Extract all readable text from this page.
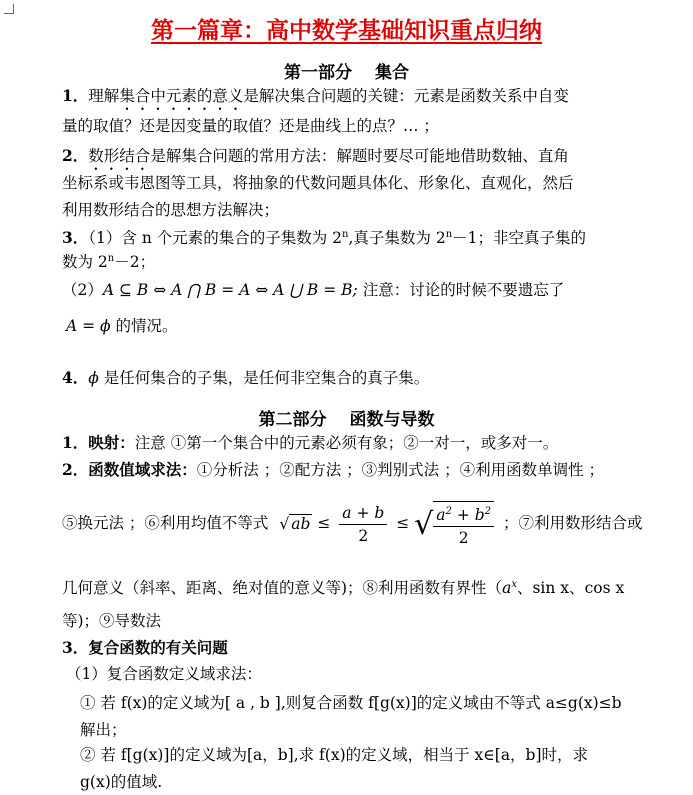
第一篇章：高中数学基础知识重点归纳
第一部分　 集合
1．理解集合中元素的意义是解决集合问题的关键：元素是函数关系中自变
量的取值？还是因变量的取值？还是曲线上的点？… ；
2．数形结合是解集合问题的常用方法：解题时要尽可能地借助数轴、直角
坐标系或韦恩图等工具，将抽象的代数问题具体化、形象化、直观化，然后
利用数形结合的思想方法解决；
3．（1）含 n 个元素的集合的子集数为 2$^n$,真子集数为 $2^n-1$；非空真子集的
数为 $2^n-2$；
（2）A ⊆ B ⇔ A ⋂ B = A ⇔ A ⋃ B = B; 注意：讨论的时候不要遗忘了
A = ϕ 的情况。
4．ϕ 是任何集合的子集，是任何非空集合的真子集。
第二部分　 函数与导数
1．映射：注意 ①第一个集合中的元素必须有象；②一对一，或多对一。
2．函数值域求法：①分析法 ；②配方法 ；③判别式法 ；④利用函数单调性 ；
⑤换元法 ；⑥利用均值不等式 √ ab ≤ $\frac{a + b}{2}$ ≤ √ $\frac{a^2 + b^2}{2}$ ；⑦利用数形结合或
几何意义（斜率、距离、绝对值的意义等)；⑧利用函数有界性（$a^x$、sin x、cos x
等)；⑨导数法
3．复合函数的有关问题
（1）复合函数定义域求法：
① 若 f(x)的定义域为[ a , b ],则复合函数 f[g(x)]的定义域由不等式 a≤g(x)≤b
解出；
② 若 f[g(x)]的定义域为[a，b],求 f(x)的定义域，相当于 x∈[a，b]时，求
g(x)的值域.
